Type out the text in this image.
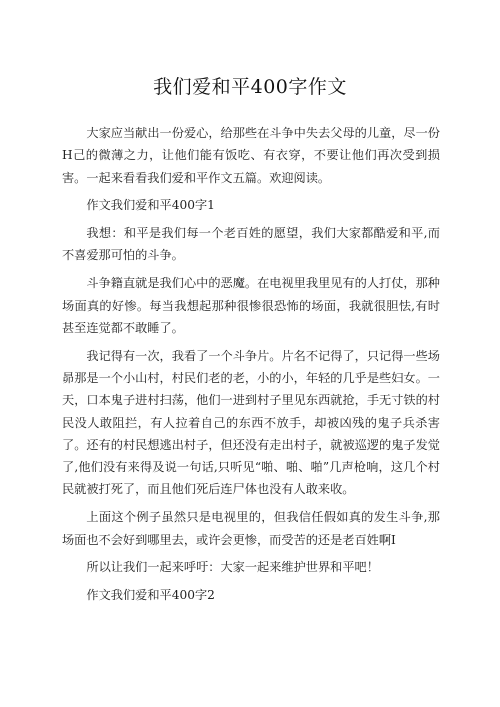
我们爱和平400字作文

大家应当献出一份爱心，给那些在斗争中失去父母的儿童，尽一份H己的微薄之力，让他们能有饭吃、有衣穿，不要让他们再次受到损害。一起来看看我们爱和平作文五篇。欢迎阅读。

作文我们爱和平400字1

我想：和平是我们每一个老百姓的愿望，我们大家都酷爱和平,而不喜爱那可怕的斗争。

斗争籍直就是我们心中的恶魔。在电视里我里见有的人打仗，那种场面真的好惨。每当我想起那种很惨很恐怖的场面，我就很胆怯,有时甚至连觉都不敢睡了。

我记得有一次，我看了一个斗争片。片名不记得了，只记得一些场昴那是一个小山村，村民们老的老，小的小，年轻的几乎是些妇女。一天，口本鬼子进村扫荡，他们一进到村子里见东西就抢，手无寸铁的村民没人敢阻拦，有人拉着自己的东西不放手，却被凶残的鬼子兵杀害了。还有的村民想逃出村子，但还没有走出村子，就被巡逻的鬼子发觉了,他们没有来得及说一句话,只听见“啪、啪、啪”几声枪响，这几个村民就被打死了，而且他们死后连尸体也没有人敢来收。

上面这个例子虽然只是电视里的，但我信任假如真的发生斗争,那场面也不会好到哪里去，或许会更惨，而受苦的还是老百姓啊I

所以让我们一起来呼吁：大家一起来维护世界和平吧！

作文我们爱和平400字2
